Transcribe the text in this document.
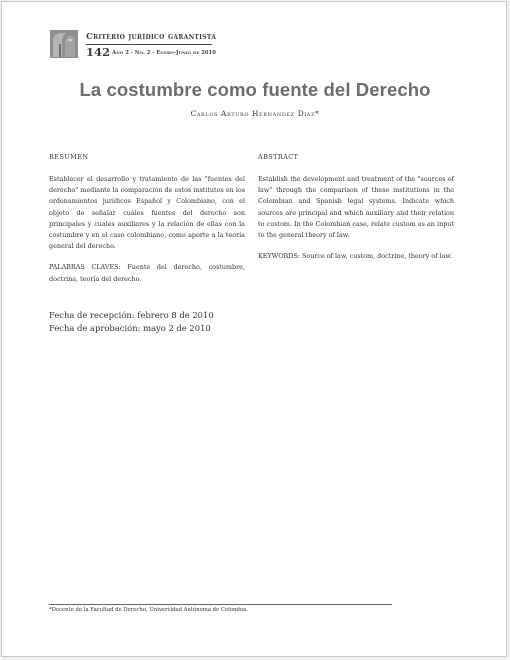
Criterio jurídico garantista
142 Año 2 - No. 2 - Enero-Junio de 2010
La costumbre como fuente del Derecho
Carlos Arturo Hernández Díaz*
RESUMEN

Establecer el desarrollo y tratamiento de las "fuentes del derecho" mediante la comparación de estos institutos en los ordenamientos jurídicos Español y Colombiano, con el objeto de señalar cuáles fuentes del derecho son principales y cuales auxiliares y la relación de ellas con la costumbre y en el caso colombiano, como aporte a la teoría general del derecho.

PALABRAS CLAVES: Fuente del derecho, costumbre, doctrina, teoría del derecho.

ABSTRACT

Establish the development and treatment of the "sources of law" through the comparison of these institutions in the Colombian and Spanish legal systems. Indicate which sources are principal and which auxiliary and their relation to custom. In the Colombian case, relate custom as an input to the general theory of law.

KEYWORDS: Source of law, custom, doctrine, theory of law.

Fecha de recepción: febrero 8 de 2010
Fecha de aprobación: mayo 2 de 2010
*Docente de la Facultad de Derecho, Universidad Autónoma de Colombia.
